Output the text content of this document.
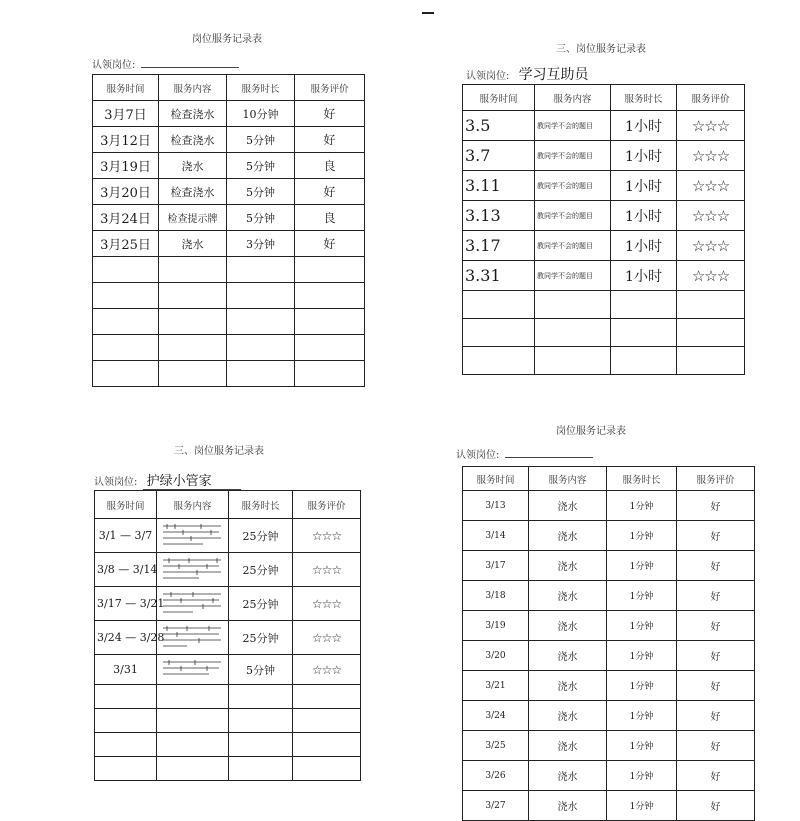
岗位服务记录表
认领岗位:
服务时间	服务内容	服务时长	服务评价
3月7日	检查浇水	10分钟	好
3月12日	检查浇水	5分钟	好
3月19日	浇水	5分钟	良
3月20日	检查浇水	5分钟	好
3月24日	检查提示牌	5分钟	良
3月25日	浇水	3分钟	好

三、岗位服务记录表
认领岗位: 学习互助员
服务时间	服务内容	服务时长	服务评价
3.5	教同学不会的题目	1小时	☆☆☆
3.7	教同学不会的题目	1小时	☆☆☆
3.11	教同学不会的题目	1小时	☆☆☆
3.13	教同学不会的题目	1小时	☆☆☆
3.17	教同学不会的题目	1小时	☆☆☆
3.31	教同学不会的题目	1小时	☆☆☆

三、岗位服务记录表
认领岗位: 护绿小管家
服务时间	服务内容	服务时长	服务评价
3/1 — 3/7		25分钟	☆☆☆
3/8 — 3/14		25分钟	☆☆☆
3/17 — 3/21		25分钟	☆☆☆
3/24 — 3/28		25分钟	☆☆☆
3/31		5分钟	☆☆☆

岗位服务记录表
认领岗位:
服务时间	服务内容	服务时长	服务评价
3/13	浇水	1分钟	好
3/14	浇水	1分钟	好
3/17	浇水	1分钟	好
3/18	浇水	1分钟	好
3/19	浇水	1分钟	好
3/20	浇水	1分钟	好
3/21	浇水	1分钟	好
3/24	浇水	1分钟	好
3/25	浇水	1分钟	好
3/26	浇水	1分钟	好
3/27	浇水	1分钟	好
